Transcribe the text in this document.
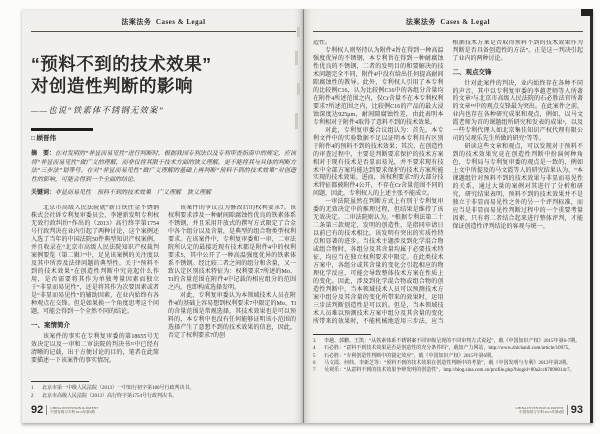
法案法务 Cases & Legal
“预料不到的技术效果”
对创造性判断的影响
——也说“铁素体不锈钢无效案”
□ 顾晋伟
摘　要：在对发明的“非显而易见性”进行判断时，根据我国专利法以及专利审查指南中的规定，应该将“非显而易见性”做广义的理解，而非仅将其限于技术方面的狭义理解，更不能将其与具体的判断方法“三步法”划等号。在对“非显而易见性”做广义理解的基础上再判断“预料不到的技术效果”对创造性的影响，可能会得到一个全面的结论。
关键词：非显而易见性　预料不到的技术效果　广义理解　狭义理解

北京市高级人民法院就“新日铁住金不锈钢株式会社诉专利复审委员会、李建新发明专利权无效行政纠纷”作出的（2013）高行终字第1754号行政判决在业内引起了两种讨论，这个案例还入选了当年的中国法院50件典型知识产权案例，并且收录在“北京市高级人民法院知识产权裁判案例要览（第二辑）”中，足见该案例的关注度以及其中所涉及法律问题的典型性。关于“预料不到的技术效果”在创造性判断中究竟起什么作用，是否需要将其作为单独考量因素而独立于“非显而易见性”，还是将其作为次要因素或者是“非显而易见性”的辅助因素，在业内始终有各种观点在交锋。但是如果换一个角度思考这个问题，可能会得到一个全然不同的结论。

一、案情简介

该案件的事实在专利复审委的第18655号无效决定以及一审和二审法院的判决书¹²中已经有清晰的记载，出于方便讨论的目的，笔者在此简要描述一下该案件的事实情况。

该案件的争议点为修改后的权利要求7。该权利要求涉及一种耐间隙腐蚀性优良的铁素体系不锈钢，并且采用开放式的撰写方式限定了合金中各个组分以及含量，是典型的组合物类型权利要求。在该案件中，专利复审委和一审、二审法院所认定的最接近现有技术都是附件4中的权利要求5，其中公开了一种高温强度优异的铁素体系不锈钢。经比较二者之间的组分和含量，又一致认定区别技术特征为：权利要求7所述的Mo、Ti的含量范围在附件4中记载的相应组分的范围之内，也即构成选择发明。

对此，专利复审委认为本领域技术人员在附件4的基础上容易想到权利要求7中限定的Mo、Ti的含量范围是常规选择，其技术效果也是可以预料的，本专利中也没有任何能够证明该小范围的选择产生了意想不到的技术效果的信息，因此，否定了权利要求7的创

1	北京市第一中级人民法院（2013）一中知行初字第180号行政判决书。
2	北京市高级人民法院（2013）高行终字第1754号行政判决书。
92 CHINA INVENTION & PATENT
中国发明与专利 2015年第9期
法案法务 Cases & Legal

造性。

专利权人则坚持认为附件4旨在得到一种高温强度优异的不锈钢，本专利旨在得到一种耐腐蚀性优良的不锈钢，二者的发明目的和要解决的技术问题完全不同，附件4中没有给出任何提高耐间隙腐蚀性的教导。此外，专利权人引用了本专利的比较例C16，认为比较例C16中的各组分含量均在附件4所述范围之内，仅Cr含量不在本专利权利要求7所述范围之内，比较例C16的产品的最大浸蚀深度达925μm，耐间隙腐蚀性差，由此表明本专利相对于附件4取得了意料不到的技术效果。

对此，专利复审委合议组认为：首先，本专利文件中的实验数据不足以证明本专利具有区别于附件4的预料不到的技术效果；其次，在创造性的审查过程中，主要是判断要求保护的技术方案相对于现有技术是否显而易见，并不要求现有技术中全部方案均能达到要求保护的技术方案所能实现的技术效果。进而，该权利要求7的大部分技术特征都被附件4公开，不存在Cr含量范围不同的问题，因此，专利权人的上述主张不能成立。

一审法院虽然在判断方式上有别于专利复审委的无效决定中的推理过程，但结果是维持了该无效决定。二审法院则认为，“根据专利法第二十二条第三款规定，发明的创造性，是指同申请日以前已有的技术相比，该发明有突出的实质性特点和显著的进步。当技术主题涉及到化学混合物或组合物时，各组分及其含量均属于必要技术特征，均应当在独立权利要求中限定。在此类技术方案中，各组分或其含量的变化会引起相应的物理化学反应，可能会导致整体技术方案在性质上的变化。因此，涉及到化学混合物或组合物的创造性判断中，当本领域技术人员可以预测技术方案中组分及其含量的变化所带来的效果时，运用三步法判断创造性是可以的。但是，当本领域技术人员难以预测技术方案中组分及其含量的变化所带来的效果时，不能机械地适用三步法，应当根据技术方案是否取得预料不到的技术效果作为判断是否具备创造性的方法”。正是这一判决引起了业内的两种讨论。

二、观点交锋

针对此案件的判决，业内始终存在各种不同的声音，其中以专利复审委的李越老师等人所著的文章³与北京市高级人民法院的石必胜法官所著的文章⁴⁵中的观点交锋最为突出。在此案件之前，业内也存在各种研究成果和观点，例如，以马文霞老师为首的课题组所研究和发表的成果⁶，以及一些专利代理人如北京集佳知识产权代理有限公司的吴观乐先生所做的研究⁷等等。

研读这些文章和观点，可以发现对于预料不到的技术效果究竟在创造性判断中扮演何种角色，专利局与专利复审委的观点是一致的，例如上文中所提及的马文霞等人的研究结果认为，“本课题组针对预料不到的技术效果与非显而易见性的关系，通过大量的案例对其进行了分析和研究，研究结果表明，预料不到的技术效果并不是独立于非显而易见性之外的另一个评判标准，而应当是非显而易见性判断过程中的一个重要考量因素，只有将二者结合起来进行整体评判，才能保证创造性评判结论的客观与统一。

3	李越、郭鹏、王凯：“从铁素体系不锈钢案不同审级呈现的不同审判方式说起”，载《中国知识产权》2015年第6-7期。
4	石必胜：“意料不到技术效果是否是创造性的充分条件吗”，载知产力网站，http://www.zhichanli.com/article/10975。
5	石必胜：“专利创造性判断中的锚定效应”，载《中国知识产权》2015年第6期。
6	马文霞、何炜、李新芝等：“预料不到的技术效果在创造性判断中的考量”，载《中国发明与专利》2013年第2期。
7	吴观乐：“从意料不到的技术效果争辩发明的创造性”，http://blog.sina.com.cn/profile.php?blogid=89a2cc87890014c7。
CHINA INVENTION & PATENT
中国发明与专利 2015年第9期 93
